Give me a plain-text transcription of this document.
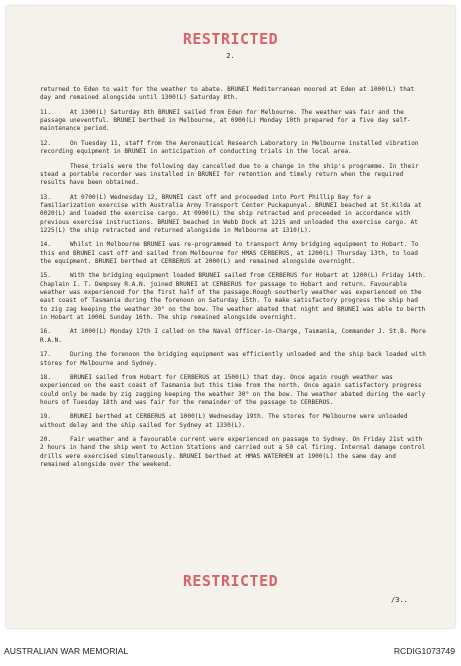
RESTRICTED
2.

returned to Eden to wait for the weather to abate. BRUNEI Mediterranean moored at Eden at 1000(L) that day and remained alongside until 1300(L) Saturday 8th.

11.	At 1300(L) Saturday 8th BRUNEI sailed from Eden for Melbourne. The weather was fair and the passage uneventful. BRUNEI berthed in Melbourne, at 0900(L) Monday 10th prepared for a five day self-maintenance period.

12.	On Tuesday 11, staff from the Aeronautical Research Laboratory in Melbourne installed vibration recording equipment in BRUNEI in anticipation of conducting trials in the local area.

These trials were the following day cancelled due to a change in the ship's programme. In their stead a portable recorder was installed in BRUNEI for retention and timely return when the required results have been obtained.

13.	At 0700(L) Wednesday 12, BRUNEI cast off and proceeded into Port Phillip Bay for a familiarization exercise with Australia Army Transport Center Puckapunyal. BRUNEI beached at St.Kilda at 0020(L) and loaded the exercise cargo. At 0900(L) the ship retracted and proceeded in accordance with previous exercise instructions. BRUNEI beached in Webb Dock at 1215 and unloaded the exercise cargo. At 1225(L) the ship retracted and returned alongside in Melbourne at 1310(L).

14.	Whilst in Melbourne BRUNEI was re-programmed to transport Army bridging equipment to Hobart. To this end BRUNEI cast off and sailed from Melbourne for HMAS CERBERUS, at 1200(L) Thursday 13th, to load the equipment. BRUNEI berthed at CERBERUS at 2000(L) and remained alongside overnight.

15.	With the bridging equipment loaded BRUNEI sailed from CERBERUS for Hobart at 1200(L) Friday 14th. Chaplain I. T. Dempsey R.A.N. joined BRUNEI at CERBERUS for passage to Hobart and return. Favourable weather was experienced for the first half of the passage.Rough southerly weather was experienced on the east coast of Tasmania during the forenoon on Saturday 15th. To make satisfactory progress the ship had to zig zag keeping the weather 30° on the bow. The weather abated that night and BRUNEI was able to berth in Hobart at 1000L Sunday 16th. The ship remained alongside overnight.

16.	At 1000(L) Monday 17th I called on the Naval Officer-in-Charge, Tasmania, Commander J. St.B. More R.A.N.

17.	During the forenoon the bridging equipment was efficiently unloaded and the ship back loaded with stores for Melbourne and Sydney.

18.	BRUNEI sailed from Hobart for CERBERUS at 1500(L) that day. Once again rough weather was experienced on the east coast of Tasmania but this time from the north. Once again satisfactory progress could only be made by zig zagging keeping the weather 30° on the bow. The weather abated during the early hours of Tuesday 18th and was fair for the remainder of the passage to CERBERUS.

19.	BRUNEI berthed at CERBERUS at 1000(L) Wednesday 19th. The stores for Melbourne were unloaded without delay and the ship sailed for Sydney at 1330(L).

20.	Fair weather and a favourable current were experienced on passage to Sydney. On Friday 21st with 2 hours in hand the ship went to Action Stations and carried out a 50 cal firing. Internal damage control drills were exercised simultaneously. BRUNEI berthed at HMAS WATERHEN at 1900(L) the same day and remained alongside over the weekend.

RESTRICTED
/3..
AUSTRALIAN WAR MEMORIAL	RCDIG1073749
